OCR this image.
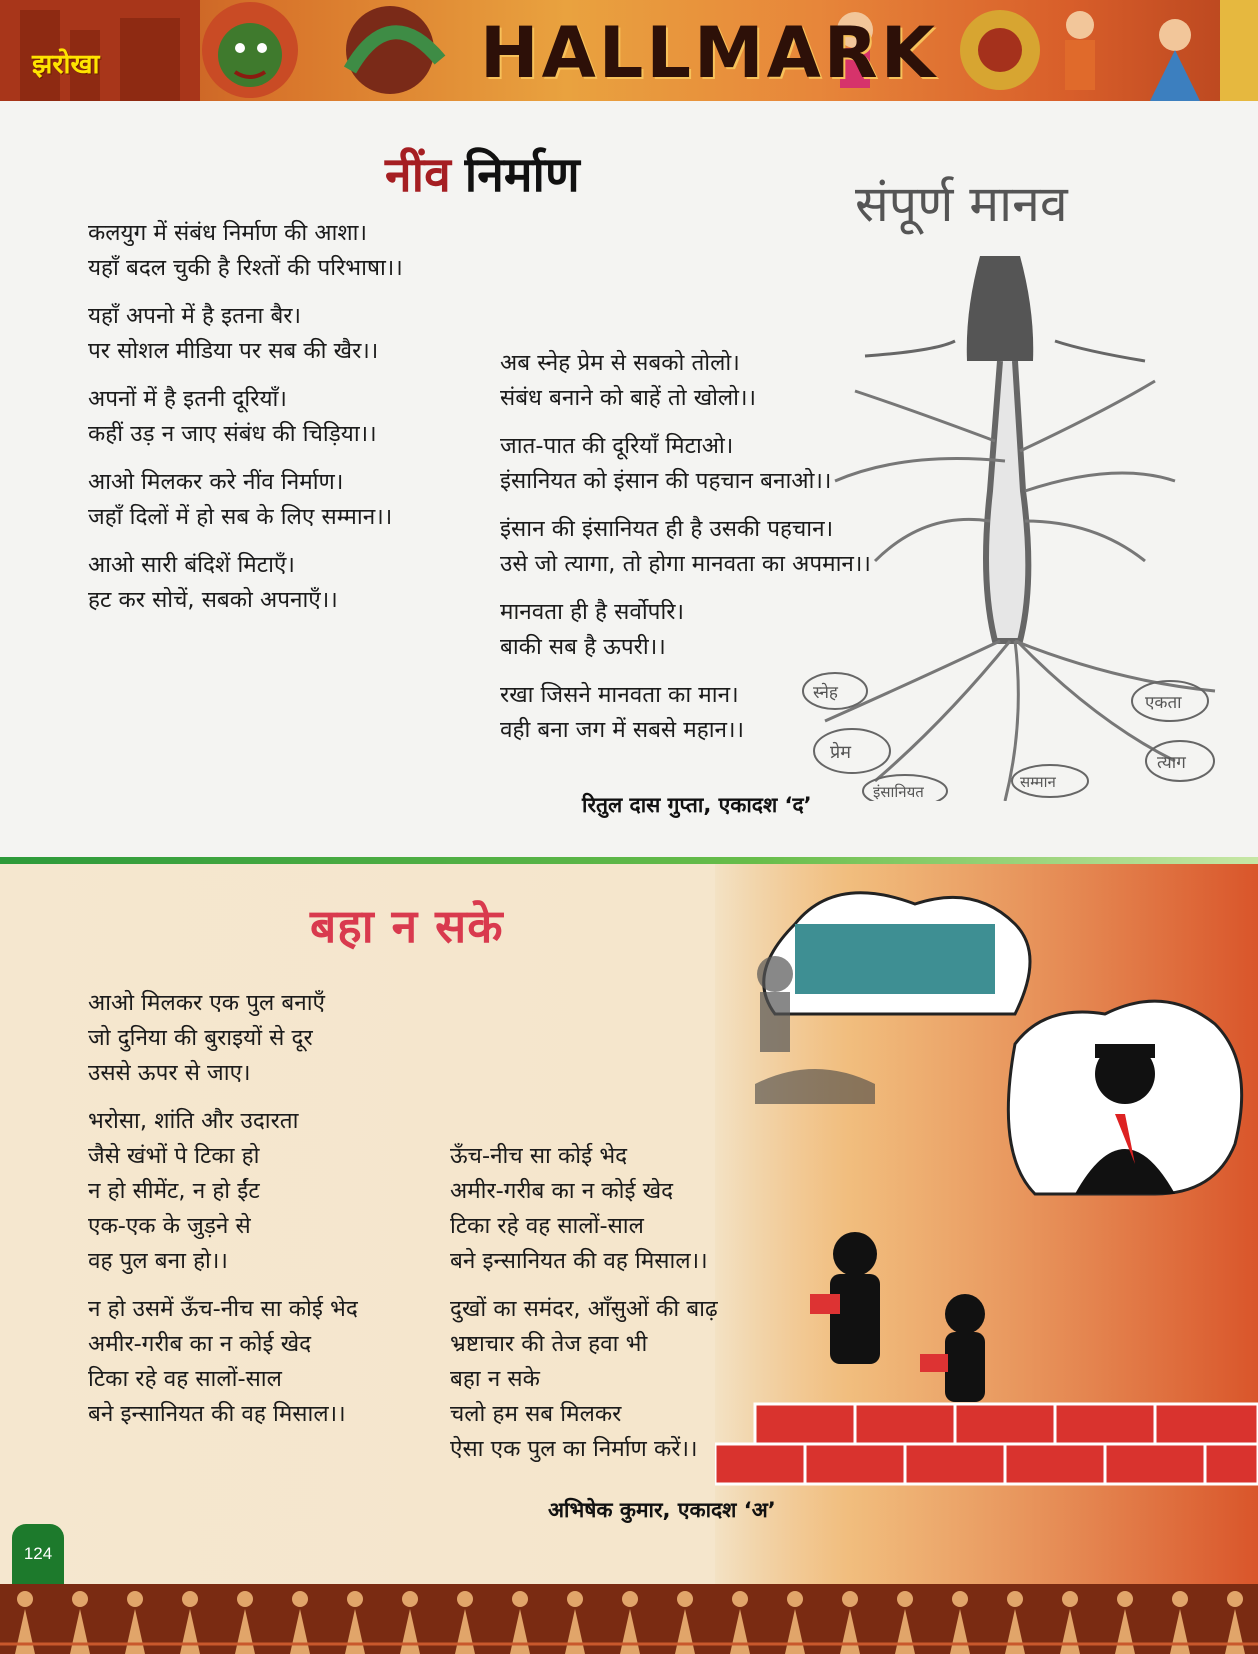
झरोखा	HALLMARK
नींव निर्माण
कलयुग में संबंध निर्माण की आशा।
यहाँ बदल चुकी है रिश्तों की परिभाषा।।
यहाँ अपनो में है इतना बैर।
पर सोशल मीडिया पर सब की खैर।।
अपनों में है इतनी दूरियाँ।
कहीं उड़ न जाए संबंध की चिड़िया।।
आओ मिलकर करे नींव निर्माण।
जहाँ दिलों में हो सब के लिए सम्मान।।
आओ सारी बंदिशें मिटाएँ।
हट कर सोचें, सबको अपनाएँ।।
संपूर्ण मानव
स्नेह
प्रेम
इंसानियत
सम्मान
त्याग
एकता
अब स्नेह प्रेम से सबको तोलो।
संबंध बनाने को बाहें तो खोलो।।
जात-पात की दूरियाँ मिटाओ।
इंसानियत को इंसान की पहचान बनाओ।।
इंसान की इंसानियत ही है उसकी पहचान।
उसे जो त्यागा, तो होगा मानवता का अपमान।।
मानवता ही है सर्वोपरि।
बाकी सब है ऊपरी।।
रखा जिसने मानवता का मान।
वही बना जग में सबसे महान।।
रितुल दास गुप्ता, एकादश ‘द’
बहा न सके
आओ मिलकर एक पुल बनाएँ
जो दुनिया की बुराइयों से दूर
उससे ऊपर से जाए।
भरोसा, शांति और उदारता
जैसे खंभों पे टिका हो
न हो सीमेंट, न हो ईंट
एक-एक के जुड़ने से
वह पुल बना हो।।
न हो उसमें ऊँच-नीच सा कोई भेद
अमीर-गरीब का न कोई खेद
टिका रहे वह सालों-साल
बने इन्सानियत की वह मिसाल।।
ऊँच-नीच सा कोई भेद
अमीर-गरीब का न कोई खेद
टिका रहे वह सालों-साल
बने इन्सानियत की वह मिसाल।।
दुखों का समंदर, आँसुओं की बाढ़
भ्रष्टाचार की तेज हवा भी
बहा न सके
चलो हम सब मिलकर
ऐसा एक पुल का निर्माण करें।।
अभिषेक कुमार, एकादश ‘अ’
124
